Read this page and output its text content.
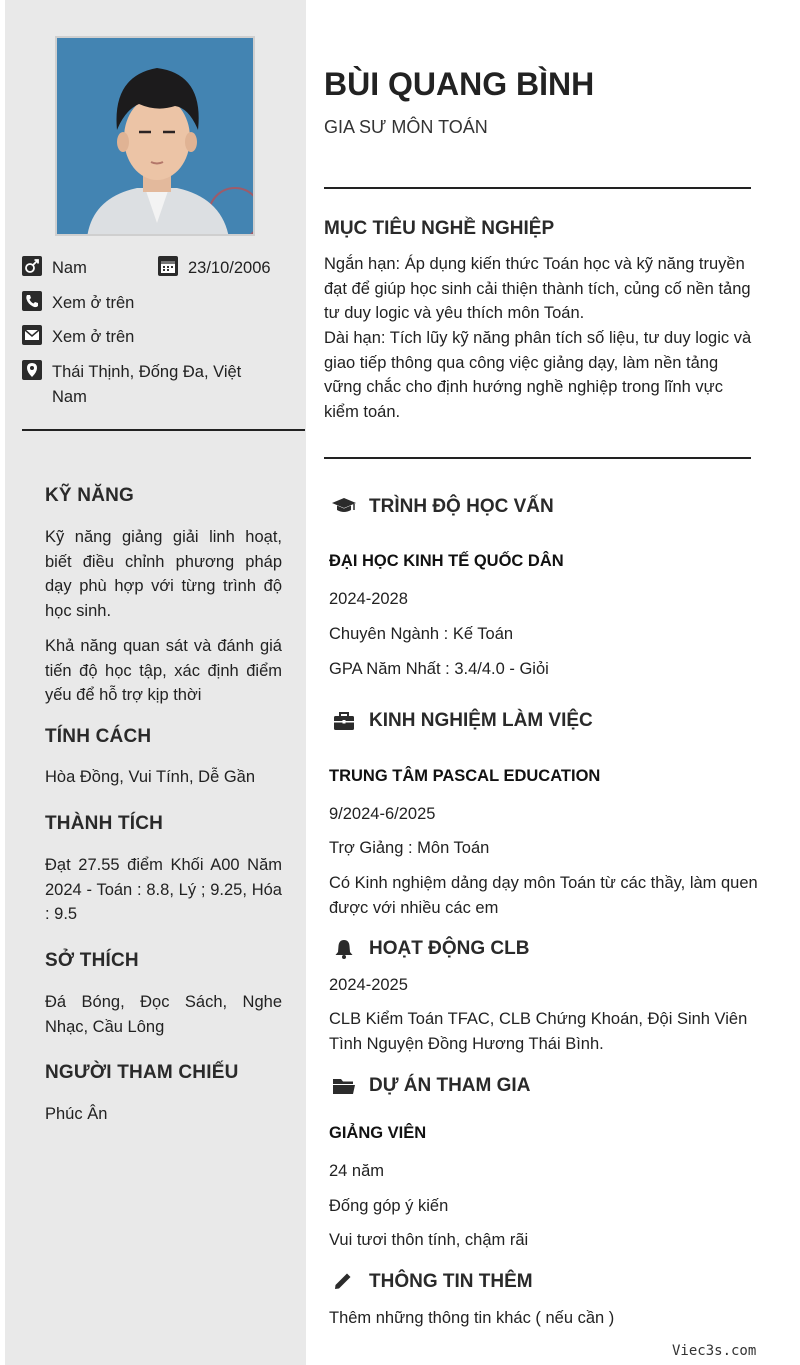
Nam	23/10/2006
Xem ở trên
Xem ở trên
Thái Thịnh, Đống Đa, Việt
Nam
KỸ NĂNG
Kỹ năng giảng giải linh hoạt, biết điều chỉnh phương pháp dạy phù hợp với từng trình độ học sinh.
Khả năng quan sát và đánh giá tiến độ học tập, xác định điểm yếu để hỗ trợ kịp thời
TÍNH CÁCH
Hòa Đồng, Vui Tính, Dễ Gần
THÀNH TÍCH
Đạt 27.55 điểm Khối A00 Năm 2024 - Toán : 8.8, Lý ; 9.25, Hóa : 9.5
SỞ THÍCH
Đá Bóng, Đọc Sách, Nghe Nhạc, Cầu Lông
NGƯỜI THAM CHIẾU
Phúc Ân
BÙI QUANG BÌNH
GIA SƯ MÔN TOÁN
MỤC TIÊU NGHỀ NGHIỆP
Ngắn hạn: Áp dụng kiến thức Toán học và kỹ năng truyền đạt để giúp học sinh cải thiện thành tích, củng cố nền tảng tư duy logic và yêu thích môn Toán.
Dài hạn: Tích lũy kỹ năng phân tích số liệu, tư duy logic và giao tiếp thông qua công việc giảng dạy, làm nền tảng vững chắc cho định hướng nghề nghiệp trong lĩnh vực kiểm toán.
TRÌNH ĐỘ HỌC VẤN
ĐẠI HỌC KINH TẾ QUỐC DÂN
2024-2028
Chuyên Ngành : Kế Toán
GPA Năm Nhất : 3.4/4.0 - Giỏi
KINH NGHIỆM LÀM VIỆC
TRUNG TÂM PASCAL EDUCATION
9/2024-6/2025
Trợ Giảng : Môn Toán
Có Kinh nghiệm dảng dạy môn Toán từ các thầy, làm quen được với nhiều các em
HOẠT ĐỘNG CLB
2024-2025
CLB Kiểm Toán TFAC, CLB Chứng Khoán, Đội Sinh Viên Tình Nguyện Đồng Hương Thái Bình.
DỰ ÁN THAM GIA
GIẢNG VIÊN
24 năm
Đống góp ý kiến
Vui tươi thôn tính, chậm rãi
THÔNG TIN THÊM
Thêm những thông tin khác ( nếu cần )
Viec3s.com
